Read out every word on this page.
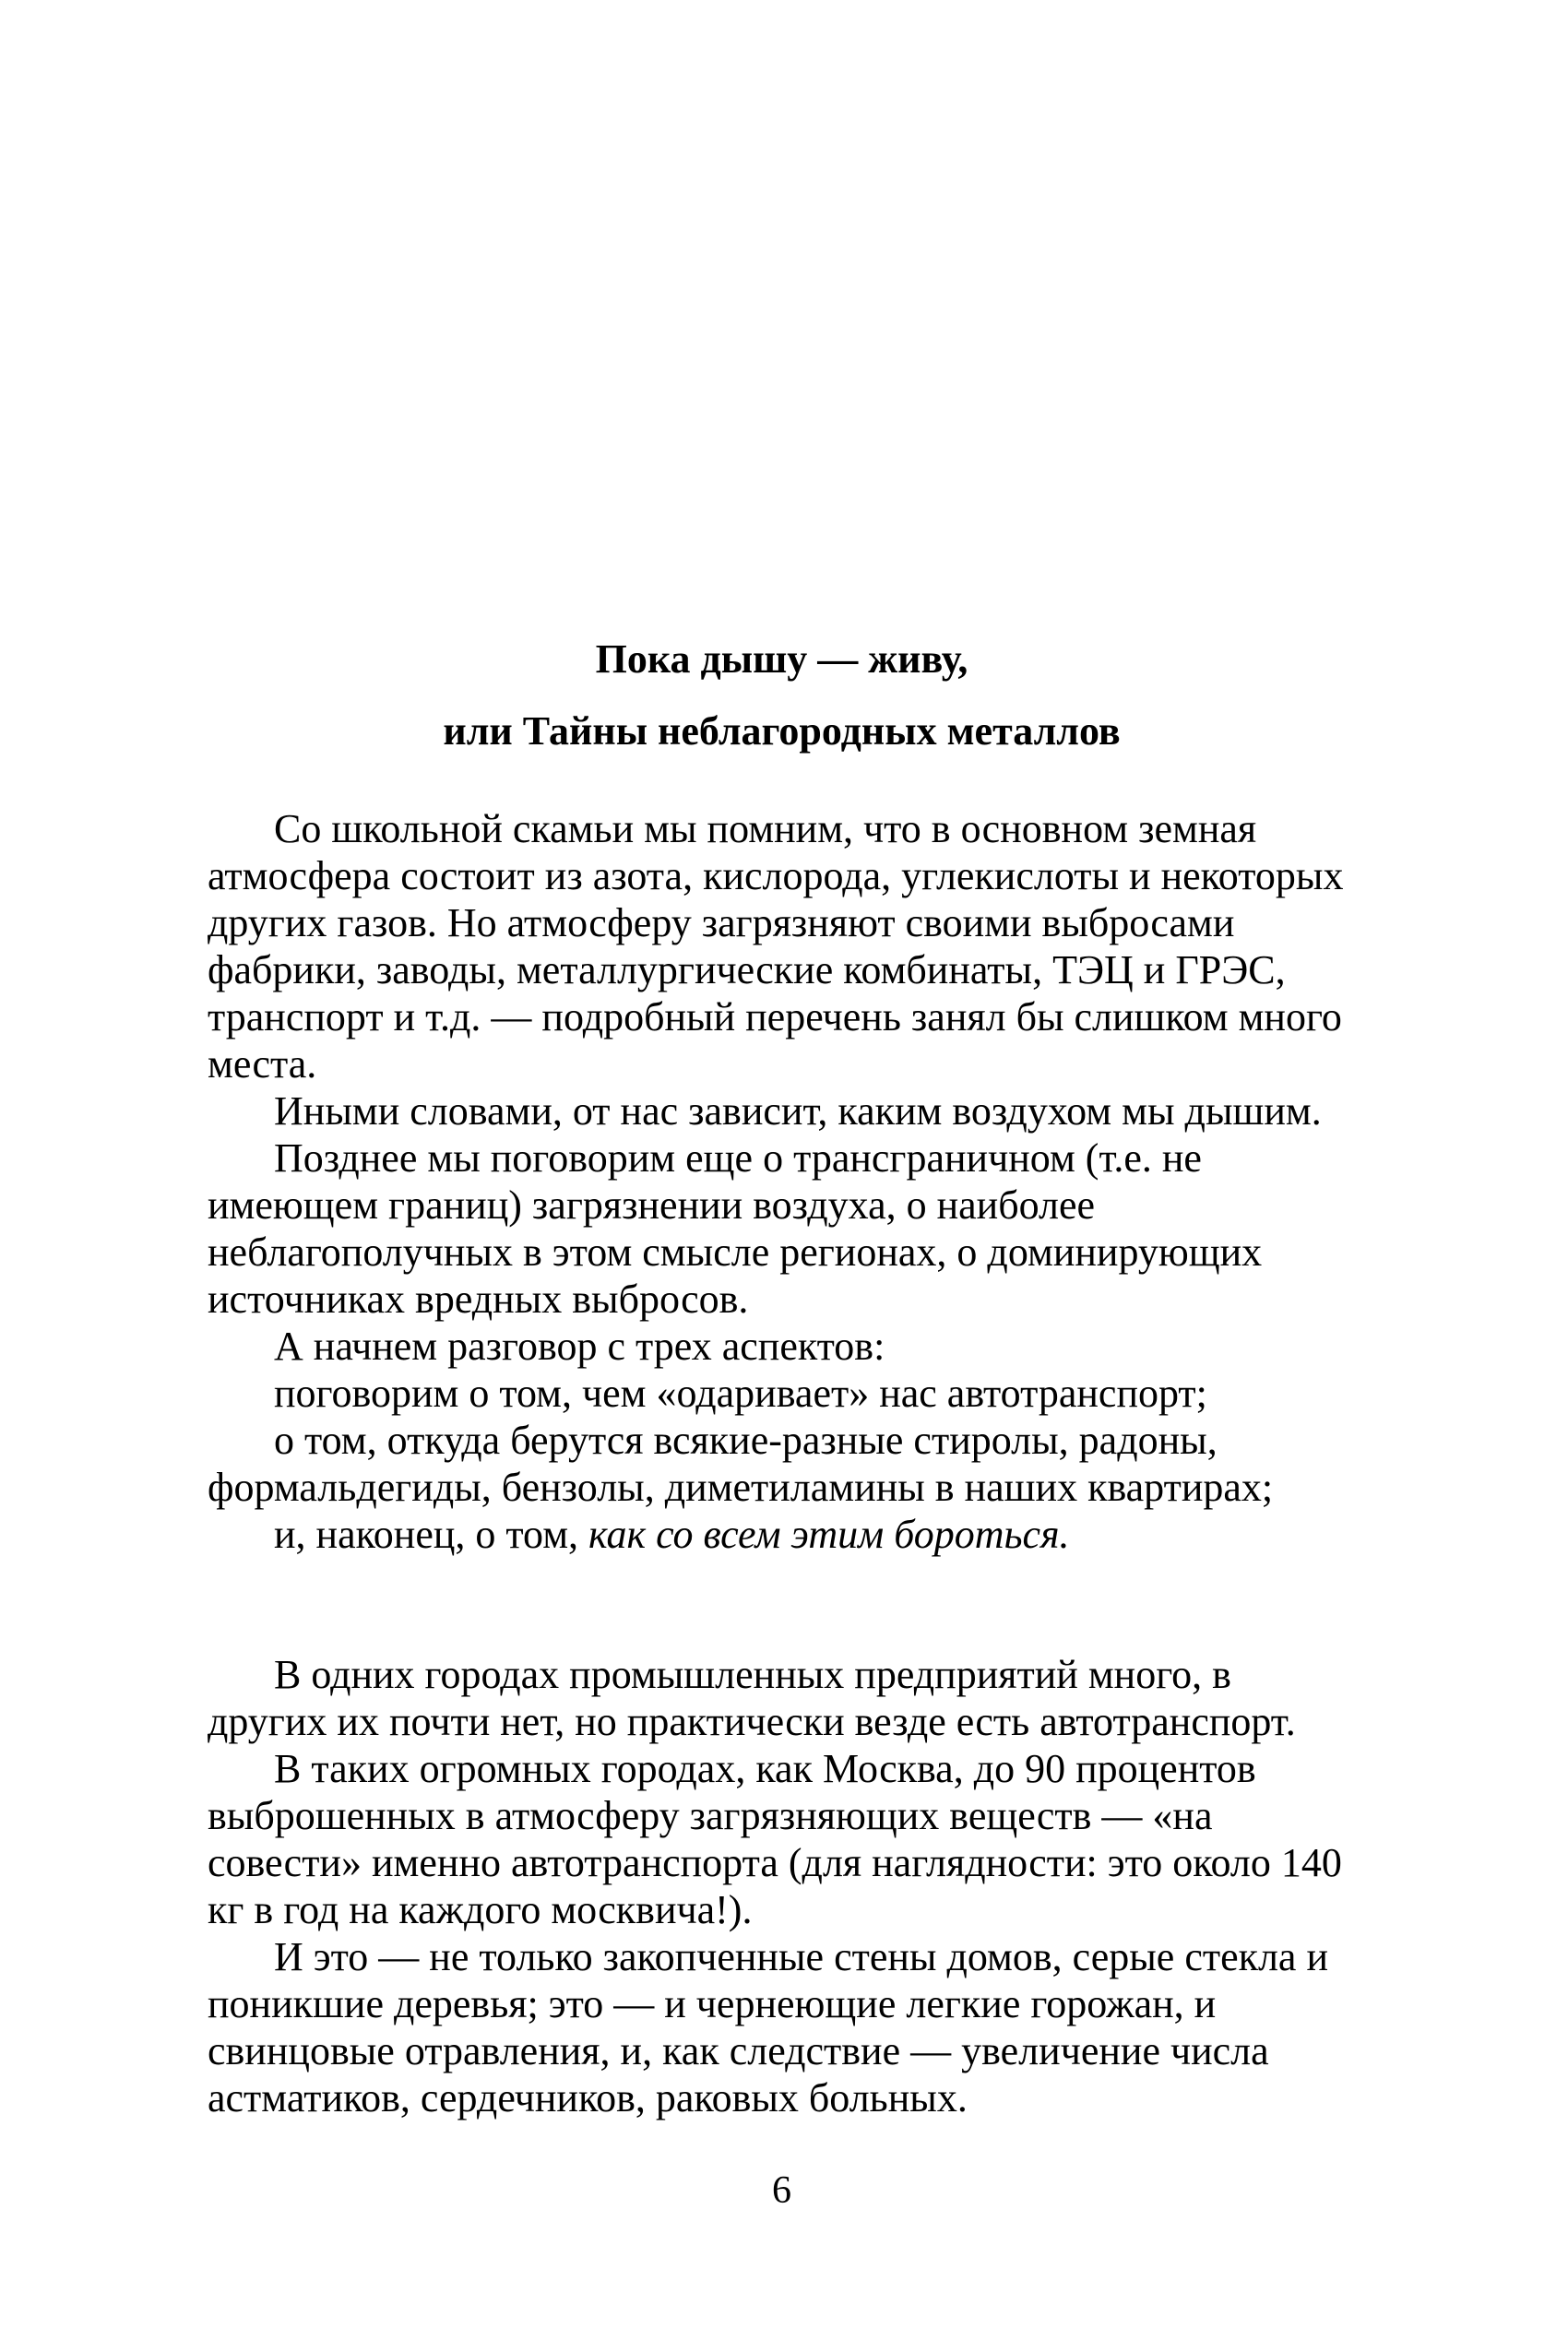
Пока дышу — живу,

или Тайны неблагородных металлов

Со школьной скамьи мы помним, что в основном земная атмосфера состоит из азота, кислорода, углекислоты и некоторых других газов. Но атмосферу загрязняют своими выбросами фабрики, заводы, металлургические комбинаты, ТЭЦ и ГРЭС, транспорт и т.д. — подробный перечень занял бы слишком много места.

Иными словами, от нас зависит, каким воздухом мы дышим.

Позднее мы поговорим еще о трансграничном (т.е. не имеющем границ) загрязнении воздуха, о наиболее неблагополучных в этом смысле регионах, о доминирующих источниках вредных выбросов.

А начнем разговор с трех аспектов:

поговорим о том, чем «одаривает» нас автотранспорт;

о том, откуда берутся всякие-разные стиролы, радоны, формальдегиды, бензолы, диметиламины в наших квартирах;

и, наконец, о том, как со всем этим бороться.

В одних городах промышленных предприятий много, в других их почти нет, но практически везде есть автотранспорт.

В таких огромных городах, как Москва, до 90 процентов выброшенных в атмосферу загрязняющих веществ — «на совести» именно автотранспорта (для наглядности: это около 140 кг в год на каждого москвича!).

И это — не только закопченные стены домов, серые стекла и поникшие деревья; это — и чернеющие легкие горожан, и свинцовые отравления, и, как следствие — увеличение числа астматиков, сердечников, раковых больных.

6
